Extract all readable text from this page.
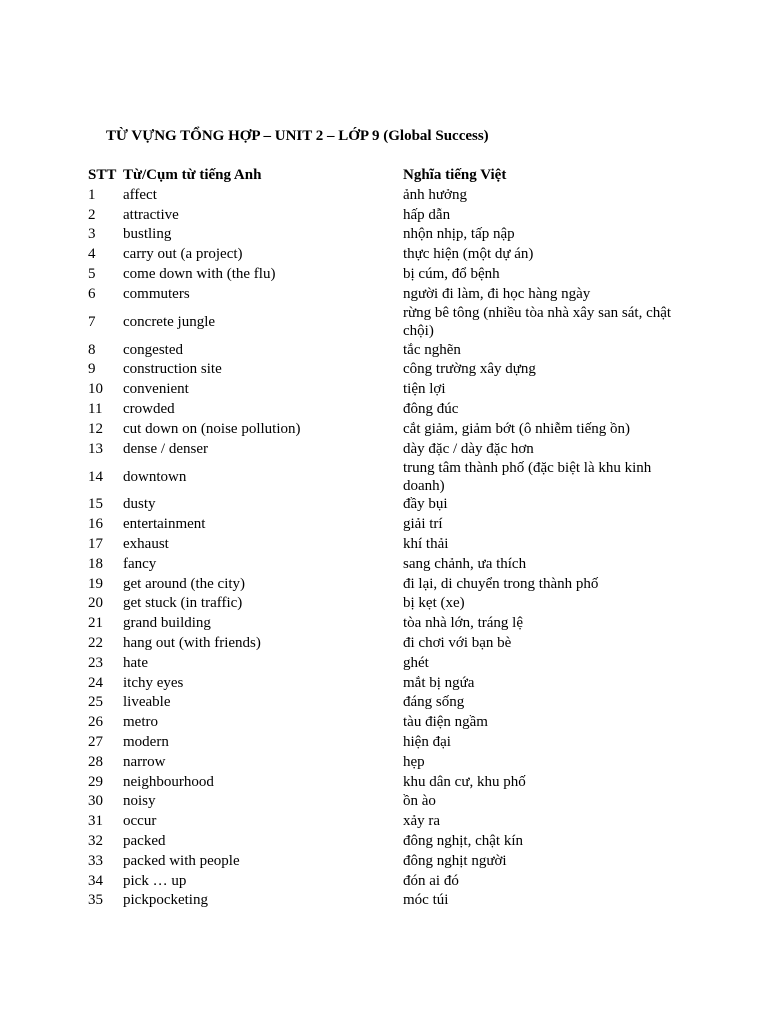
TỪ VỰNG TỔNG HỢP – UNIT 2 – LỚP 9 (Global Success)
STT	Từ/Cụm từ tiếng Anh	Nghĩa tiếng Việt
1	affect	ảnh hưởng
2	attractive	hấp dẫn
3	bustling	nhộn nhịp, tấp nập
4	carry out (a project)	thực hiện (một dự án)
5	come down with (the flu)	bị cúm, đổ bệnh
6	commuters	người đi làm, đi học hàng ngày
7	concrete jungle	rừng bê tông (nhiều tòa nhà xây san sát, chật chội)
8	congested	tắc nghẽn
9	construction site	công trường xây dựng
10	convenient	tiện lợi
11	crowded	đông đúc
12	cut down on (noise pollution)	cắt giảm, giảm bớt (ô nhiễm tiếng ồn)
13	dense / denser	dày đặc / dày đặc hơn
14	downtown	trung tâm thành phố (đặc biệt là khu kinh doanh)
15	dusty	đầy bụi
16	entertainment	giải trí
17	exhaust	khí thải
18	fancy	sang chảnh, ưa thích
19	get around (the city)	đi lại, di chuyển trong thành phố
20	get stuck (in traffic)	bị kẹt (xe)
21	grand building	tòa nhà lớn, tráng lệ
22	hang out (with friends)	đi chơi với bạn bè
23	hate	ghét
24	itchy eyes	mắt bị ngứa
25	liveable	đáng sống
26	metro	tàu điện ngầm
27	modern	hiện đại
28	narrow	hẹp
29	neighbourhood	khu dân cư, khu phố
30	noisy	ồn ào
31	occur	xảy ra
32	packed	đông nghịt, chật kín
33	packed with people	đông nghịt người
34	pick … up	đón ai đó
35	pickpocketing	móc túi
